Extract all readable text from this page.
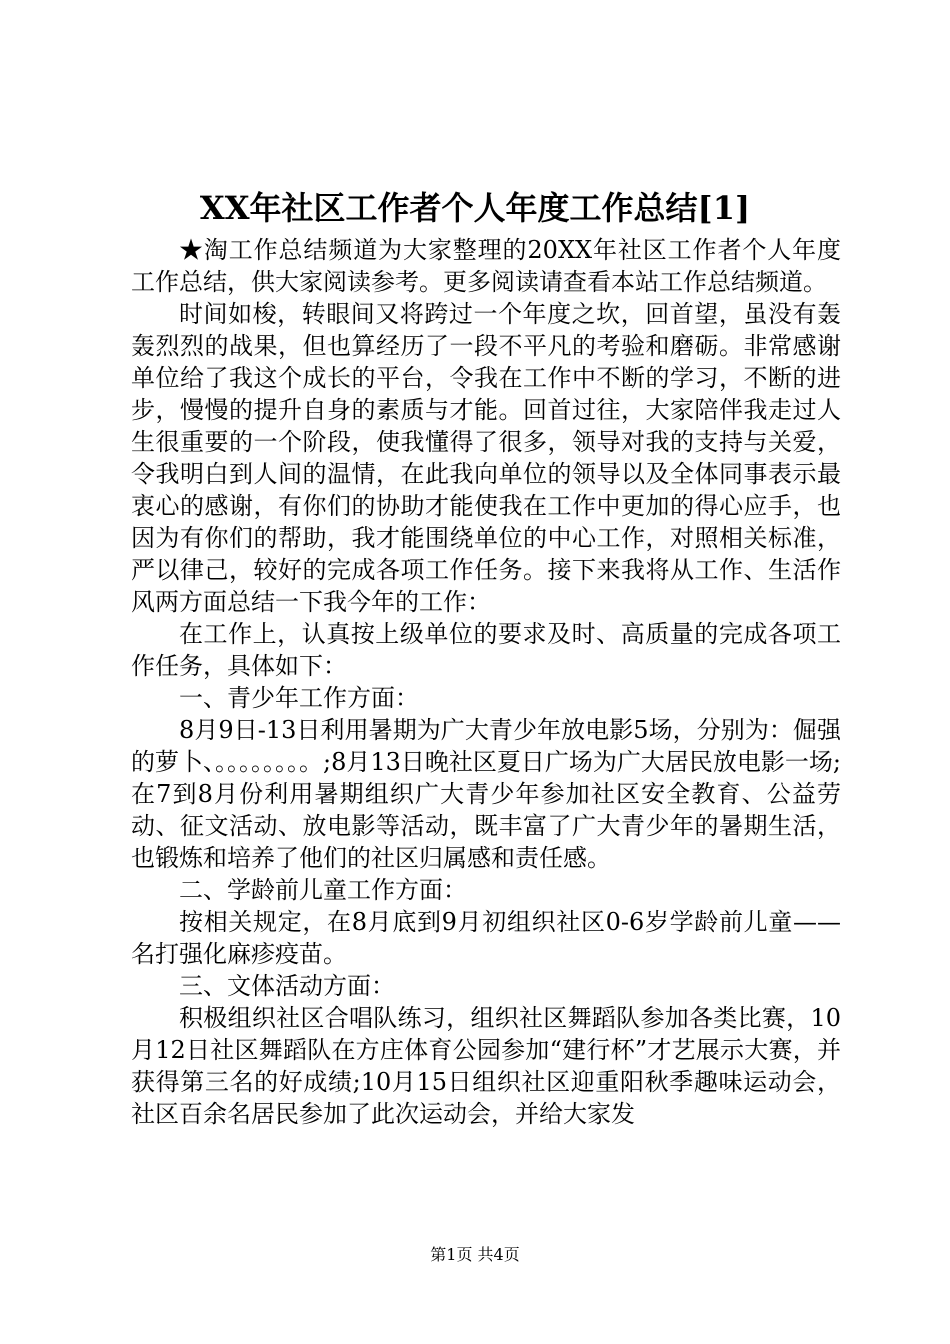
XX年社区工作者个人年度工作总结[1]

★淘工作总结频道为大家整理的20XX年社区工作者个人年度工作总结，供大家阅读参考。更多阅读请查看本站工作总结频道。

时间如梭，转眼间又将跨过一个年度之坎，回首望，虽没有轰轰烈烈的战果，但也算经历了一段不平凡的考验和磨砺。非常感谢单位给了我这个成长的平台，令我在工作中不断的学习，不断的进步，慢慢的提升自身的素质与才能。回首过往，大家陪伴我走过人生很重要的一个阶段，使我懂得了很多，领导对我的支持与关爱，令我明白到人间的温情，在此我向单位的领导以及全体同事表示最衷心的感谢，有你们的协助才能使我在工作中更加的得心应手，也因为有你们的帮助，我才能围绕单位的中心工作，对照相关标准，严以律己，较好的完成各项工作任务。接下来我将从工作、生活作风两方面总结一下我今年的工作：

在工作上，认真按上级单位的要求及时、高质量的完成各项工作任务，具体如下：

一、青少年工作方面：

8月9日-13日利用暑期为广大青少年放电影5场，分别为：倔强的萝卜、。。。。。。。。;8月13日晚社区夏日广场为广大居民放电影一场;在7到8月份利用暑期组织广大青少年参加社区安全教育、公益劳动、征文活动、放电影等活动，既丰富了广大青少年的暑期生活，也锻炼和培养了他们的社区归属感和责任感。

二、学龄前儿童工作方面：

按相关规定，在8月底到9月初组织社区0-6岁学龄前儿童——名打强化麻疹疫苗。

三、文体活动方面：

积极组织社区合唱队练习，组织社区舞蹈队参加各类比赛，10月12日社区舞蹈队在方庄体育公园参加“建行杯”才艺展示大赛，并获得第三名的好成绩;10月15日组织社区迎重阳秋季趣味运动会，社区百余名居民参加了此次运动会，并给大家发

第1页 共4页
